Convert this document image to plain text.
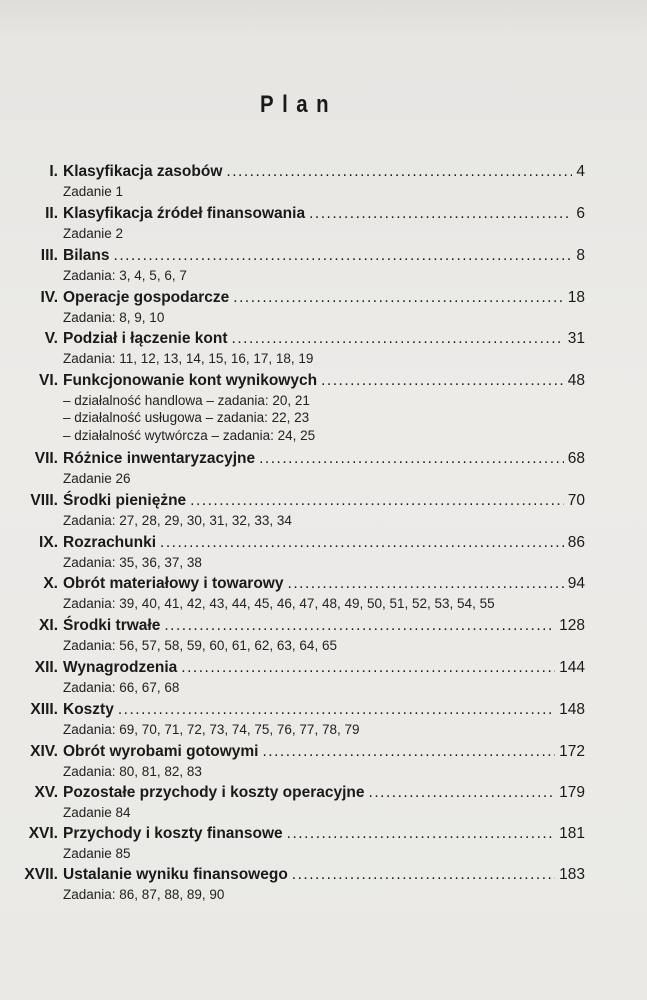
Plan
I. Klasyfikacja zasobów . . .	4
Zadanie 1
II. Klasyfikacja źródeł finansowania . . .	6
Zadanie 2
III. Bilans . . .	8
Zadania: 3, 4, 5, 6, 7
IV. Operacje gospodarcze . . .	18
Zadania: 8, 9, 10
V. Podział i łączenie kont . . .	31
Zadania: 11, 12, 13, 14, 15, 16, 17, 18, 19
VI. Funkcjonowanie kont wynikowych . . .	48
– działalność handlowa – zadania: 20, 21
– działalność usługowa – zadania: 22, 23
– działalność wytwórcza – zadania: 24, 25
VII. Różnice inwentaryzacyjne . . .	68
Zadanie 26
VIII. Środki pieniężne . . .	70
Zadania: 27, 28, 29, 30, 31, 32, 33, 34
IX. Rozrachunki . . .	86
Zadania: 35, 36, 37, 38
X. Obrót materiałowy i towarowy . . .	94
Zadania: 39, 40, 41, 42, 43, 44, 45, 46, 47, 48, 49, 50, 51, 52, 53, 54, 55
XI. Środki trwałe . . .	128
Zadania: 56, 57, 58, 59, 60, 61, 62, 63, 64, 65
XII. Wynagrodzenia . . .	144
Zadania: 66, 67, 68
XIII. Koszty . . .	148
Zadania: 69, 70, 71, 72, 73, 74, 75, 76, 77, 78, 79
XIV. Obrót wyrobami gotowymi . . .	172
Zadania: 80, 81, 82, 83
XV. Pozostałe przychody i koszty operacyjne . . .	179
Zadanie 84
XVI. Przychody i koszty finansowe . . .	181
Zadanie 85
XVII. Ustalanie wyniku finansowego . . .	183
Zadania: 86, 87, 88, 89, 90
